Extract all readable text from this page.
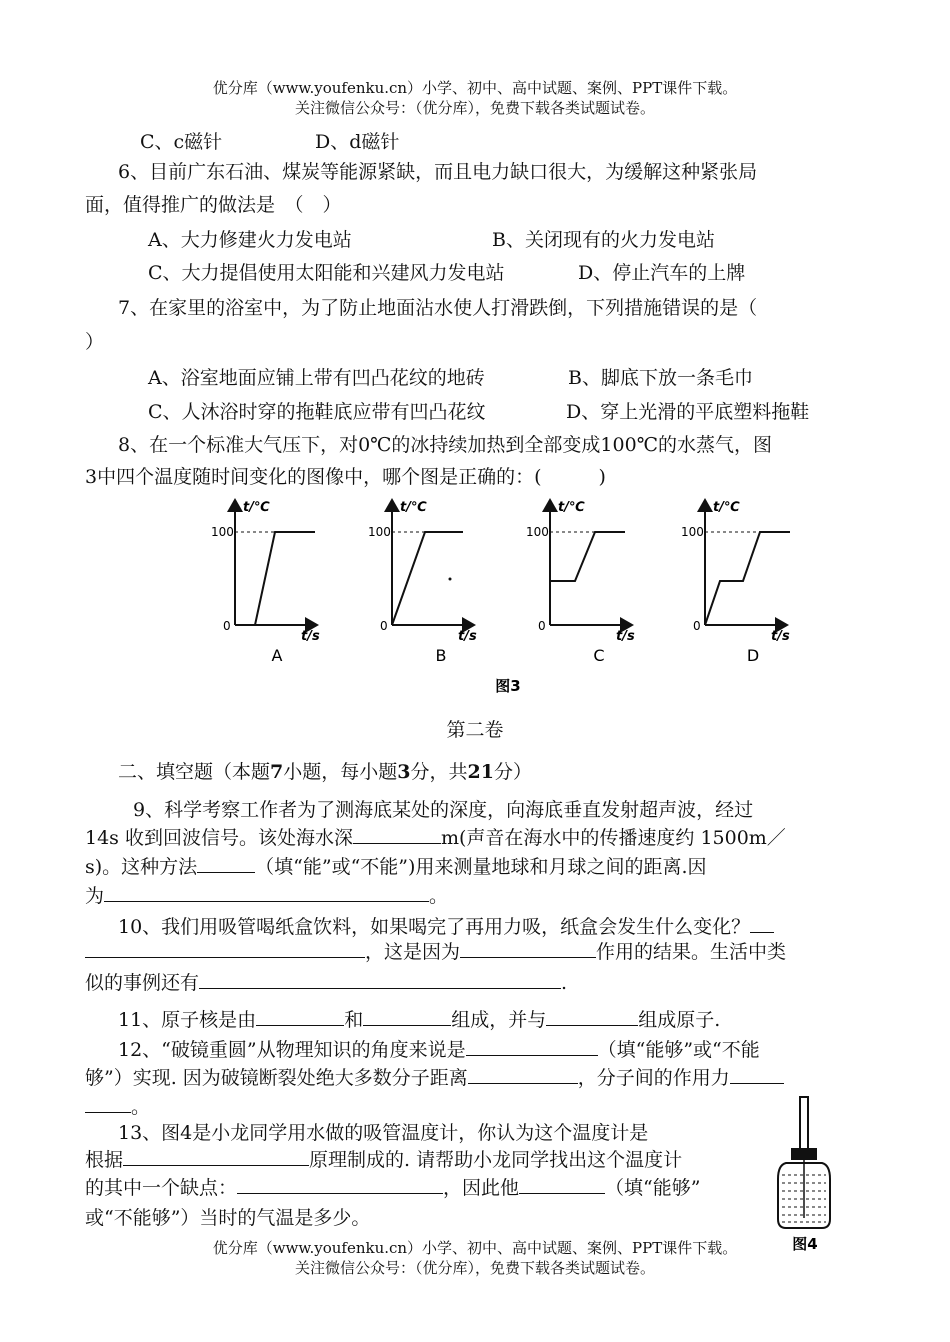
优分库（www.youfenku.cn）小学、初中、高中试题、案例、PPT课件下载。
关注微信公众号：（优分库），免费下载各类试题试卷。
C、c磁针	D、d磁针
6、目前广东石油、煤炭等能源紧缺，而且电力缺口很大，为缓解这种紧张局
面，值得推广的做法是　（　）
A、大力修建火力发电站	B、关闭现有的火力发电站
C、大力提倡使用太阳能和兴建风力发电站	D、停止汽车的上牌
7、在家里的浴室中，为了防止地面沾水使人打滑跌倒，下列措施错误的是（
）
A、浴室地面应铺上带有凹凸花纹的地砖	B、脚底下放一条毛巾
C、人沐浴时穿的拖鞋底应带有凹凸花纹	D、穿上光滑的平底塑料拖鞋
8、在一个标准大气压下，对0℃的冰持续加热到全部变成100℃的水蒸气，图
3中四个温度随时间变化的图像中，哪个图是正确的：(　　　)
100
0
t/℃
t/s
A
100
0
t/℃
t/s
B
100
0
t/℃
t/s
C
100
0
t/℃
t/s
D
图3
第二卷
二、填空题（本题7小题，每小题3分，共21分）
9、科学考察工作者为了测海底某处的深度，向海底垂直发射超声波，经过
14s 收到回波信号。该处海水深	m(声音在海水中的传播速度约 1500m／
s)。这种方法	（填“能”或“不能”)用来测量地球和月球之间的距离.因
为	。
10、我们用吸管喝纸盒饮料，如果喝完了再用力吸，纸盒会发生什么变化？
，这是因为	作用的结果。生活中类
似的事例还有	.
11、原子核是由	和	组成，并与	组成原子.
12、“破镜重圆”从物理知识的角度来说是	（填“能够”或“不能
够”）实现. 因为破镜断裂处绝大多数分子距离	，分子间的作用力
。
13、图4是小龙同学用水做的吸管温度计，你认为这个温度计是
根据	原理制成的. 请帮助小龙同学找出这个温度计
的其中一个缺点：	，因此他	（填“能够”
或“不能够”）当时的气温是多少。
图4
优分库（www.youfenku.cn）小学、初中、高中试题、案例、PPT课件下载。
关注微信公众号：（优分库），免费下载各类试题试卷。
